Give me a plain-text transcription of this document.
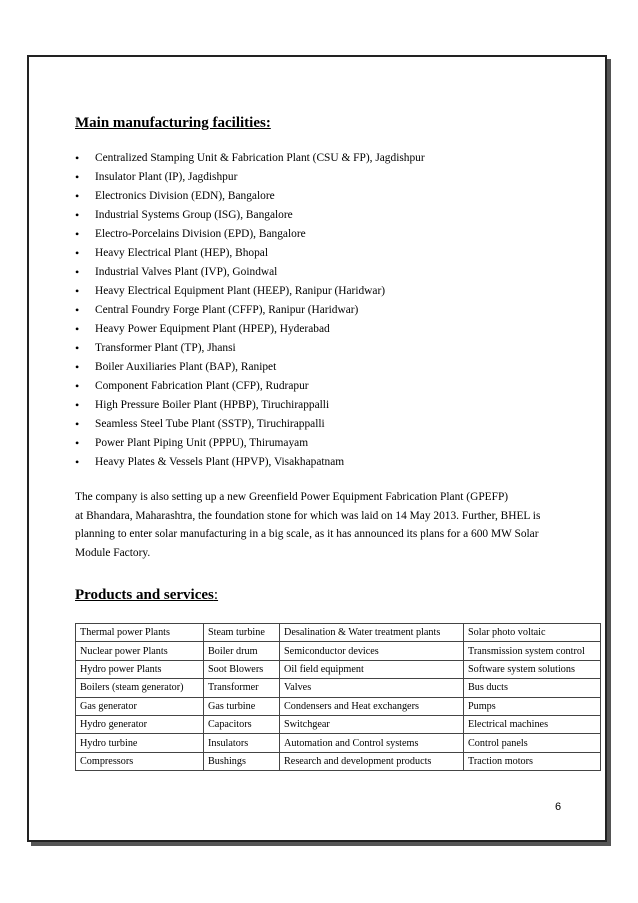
Main manufacturing facilities:
• Centralized Stamping Unit & Fabrication Plant (CSU & FP), Jagdishpur
• Insulator Plant (IP), Jagdishpur
• Electronics Division (EDN), Bangalore
• Industrial Systems Group (ISG), Bangalore
• Electro-Porcelains Division (EPD), Bangalore
• Heavy Electrical Plant (HEP), Bhopal
• Industrial Valves Plant (IVP), Goindwal
• Heavy Electrical Equipment Plant (HEEP), Ranipur (Haridwar)
• Central Foundry Forge Plant (CFFP), Ranipur (Haridwar)
• Heavy Power Equipment Plant (HPEP), Hyderabad
• Transformer Plant (TP), Jhansi
• Boiler Auxiliaries Plant (BAP), Ranipet
• Component Fabrication Plant (CFP), Rudrapur
• High Pressure Boiler Plant (HPBP), Tiruchirappalli
• Seamless Steel Tube Plant (SSTP), Tiruchirappalli
• Power Plant Piping Unit (PPPU), Thirumayam
• Heavy Plates & Vessels Plant (HPVP), Visakhapatnam
The company is also setting up a new Greenfield Power Equipment Fabrication Plant (GPEFP)
at Bhandara, Maharashtra, the foundation stone for which was laid on 14 May 2013. Further, BHEL is
planning to enter solar manufacturing in a big scale, as it has announced its plans for a 600 MW Solar
Module Factory.
Products and services:
Thermal power Plants	Steam turbine	Desalination & Water treatment plants	Solar photo voltaic
Nuclear power Plants	Boiler drum	Semiconductor devices	Transmission system control
Hydro power Plants	Soot Blowers	Oil field equipment	Software system solutions
Boilers (steam generator)	Transformer	Valves	Bus ducts
Gas generator	Gas turbine	Condensers and Heat exchangers	Pumps
Hydro generator	Capacitors	Switchgear	Electrical machines
Hydro turbine	Insulators	Automation and Control systems	Control panels
Compressors	Bushings	Research and development products	Traction motors
6
